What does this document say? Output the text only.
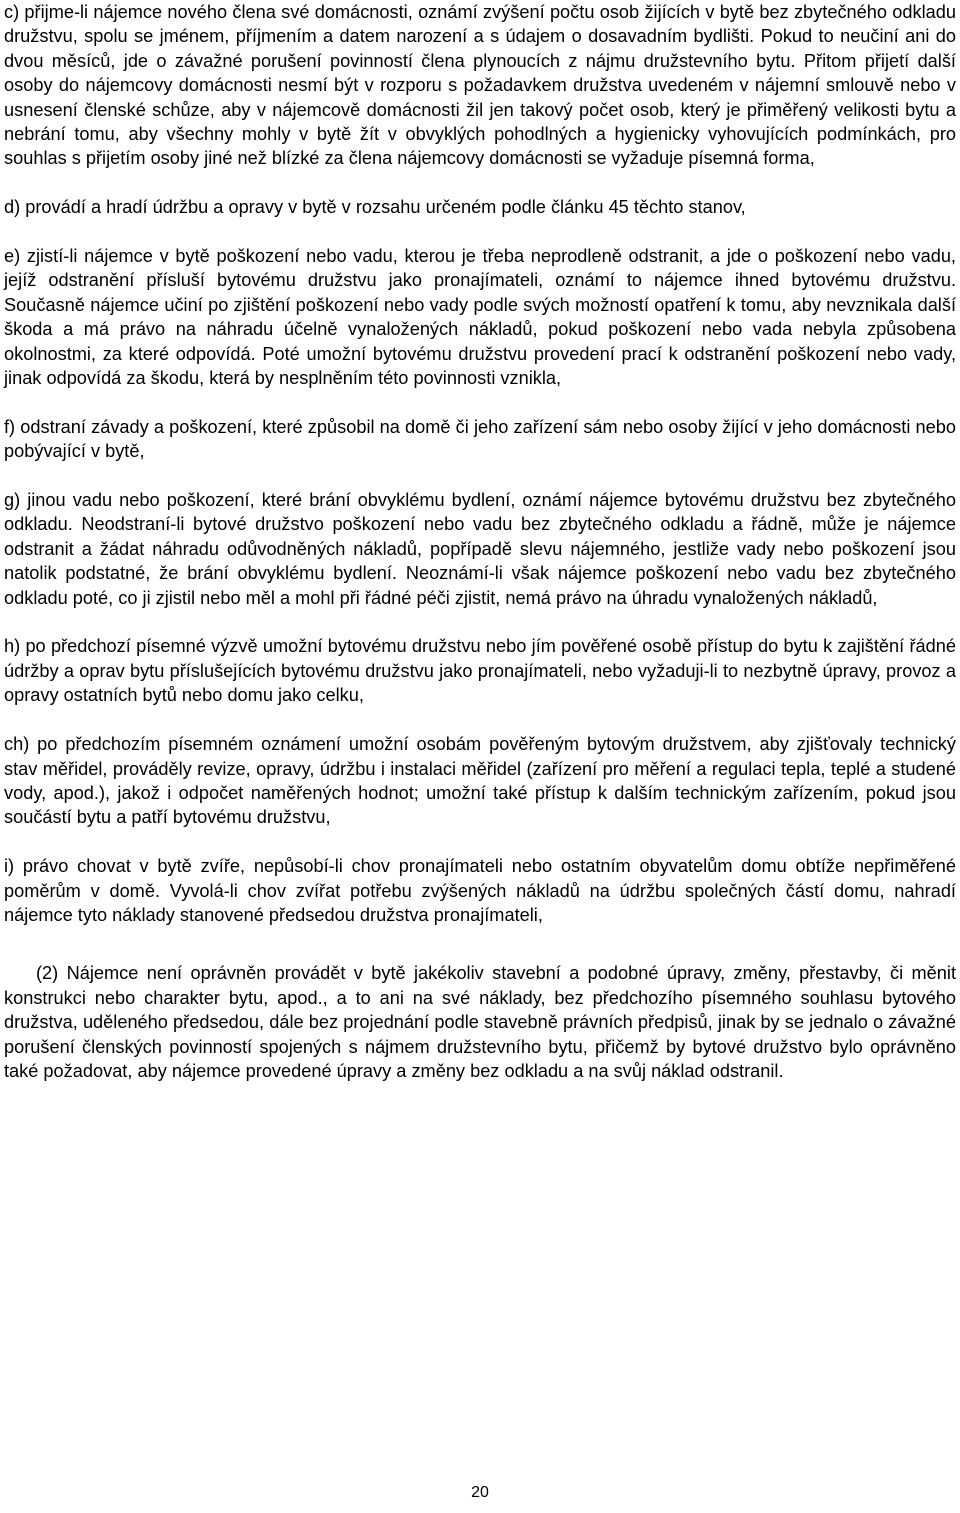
c) přijme-li nájemce nového člena své domácnosti, oznámí zvýšení počtu osob žijících v bytě bez zbytečného odkladu družstvu, spolu se jménem, příjmením a datem narození a s údajem o dosavadním bydlišti. Pokud to neučiní ani do dvou měsíců, jde o závažné porušení povinností člena plynoucích z nájmu družstevního bytu. Přitom přijetí další osoby do nájemcovy domácnosti nesmí být v rozporu s požadavkem družstva uvedeném v nájemní smlouvě nebo v usnesení členské schůze, aby v nájemcově domácnosti žil jen takový počet osob, který je přiměřený velikosti bytu a nebrání tomu, aby všechny mohly v bytě žít v obvyklých pohodlných a hygienicky vyhovujících podmínkách, pro souhlas s přijetím osoby jiné než blízké za člena nájemcovy domácnosti se vyžaduje písemná forma,

d) provádí a hradí údržbu a opravy v bytě v rozsahu určeném podle článku 45 těchto stanov,

e) zjistí-li nájemce v bytě poškození nebo vadu, kterou je třeba neprodleně odstranit, a jde o poškození nebo vadu, jejíž odstranění přísluší bytovému družstvu jako pronajímateli, oznámí to nájemce ihned bytovému družstvu. Současně nájemce učiní po zjištění poškození nebo vady podle svých možností opatření k tomu, aby nevznikala další škoda a má právo na náhradu účelně vynaložených nákladů, pokud poškození nebo vada nebyla způsobena okolnostmi, za které odpovídá. Poté umožní bytovému družstvu provedení prací k odstranění poškození nebo vady, jinak odpovídá za škodu, která by nesplněním této povinnosti vznikla,

f) odstraní závady a poškození, které způsobil na domě či jeho zařízení sám nebo osoby žijící v jeho domácnosti nebo pobývající v bytě,

g) jinou vadu nebo poškození, které brání obvyklému bydlení, oznámí nájemce bytovému družstvu bez zbytečného odkladu. Neodstraní-li bytové družstvo poškození nebo vadu bez zbytečného odkladu a řádně, může je nájemce odstranit a žádat náhradu odůvodněných nákladů, popřípadě slevu nájemného, jestliže vady nebo poškození jsou natolik podstatné, že brání obvyklému bydlení. Neoznámí-li však nájemce poškození nebo vadu bez zbytečného odkladu poté, co ji zjistil nebo měl a mohl při řádné péči zjistit, nemá právo na úhradu vynaložených nákladů,

h) po předchozí písemné výzvě umožní bytovému družstvu nebo jím pověřené osobě přístup do bytu k zajištění řádné údržby a oprav bytu příslušejících bytovému družstvu jako pronajímateli, nebo vyžaduji-li to nezbytně úpravy, provoz a opravy ostatních bytů nebo domu jako celku,

ch) po předchozím písemném oznámení umožní osobám pověřeným bytovým družstvem, aby zjišťovaly technický stav měřidel, prováděly revize, opravy, údržbu i instalaci měřidel (zařízení pro měření a regulaci tepla, teplé a studené vody, apod.), jakož i odpočet naměřených hodnot; umožní také přístup k dalším technickým zařízením, pokud jsou součástí bytu a patří bytovému družstvu,

i) právo chovat v bytě zvíře, nepůsobí-li chov pronajímateli nebo ostatním obyvatelům domu obtíže nepřiměřené poměrům v domě. Vyvolá-li chov zvířat potřebu zvýšených nákladů na údržbu společných částí domu, nahradí nájemce tyto náklady stanovené předsedou družstva pronajímateli,

(2) Nájemce není oprávněn provádět v bytě jakékoliv stavební a podobné úpravy, změny, přestavby, či měnit konstrukci nebo charakter bytu, apod., a to ani na své náklady, bez předchozího písemného souhlasu bytového družstva, uděleného předsedou, dále bez projednání podle stavebně právních předpisů, jinak by se jednalo o závažné porušení členských povinností spojených s nájmem družstevního bytu, přičemž by bytové družstvo bylo oprávněno také požadovat, aby nájemce provedené úpravy a změny bez odkladu a na svůj náklad odstranil.

20
